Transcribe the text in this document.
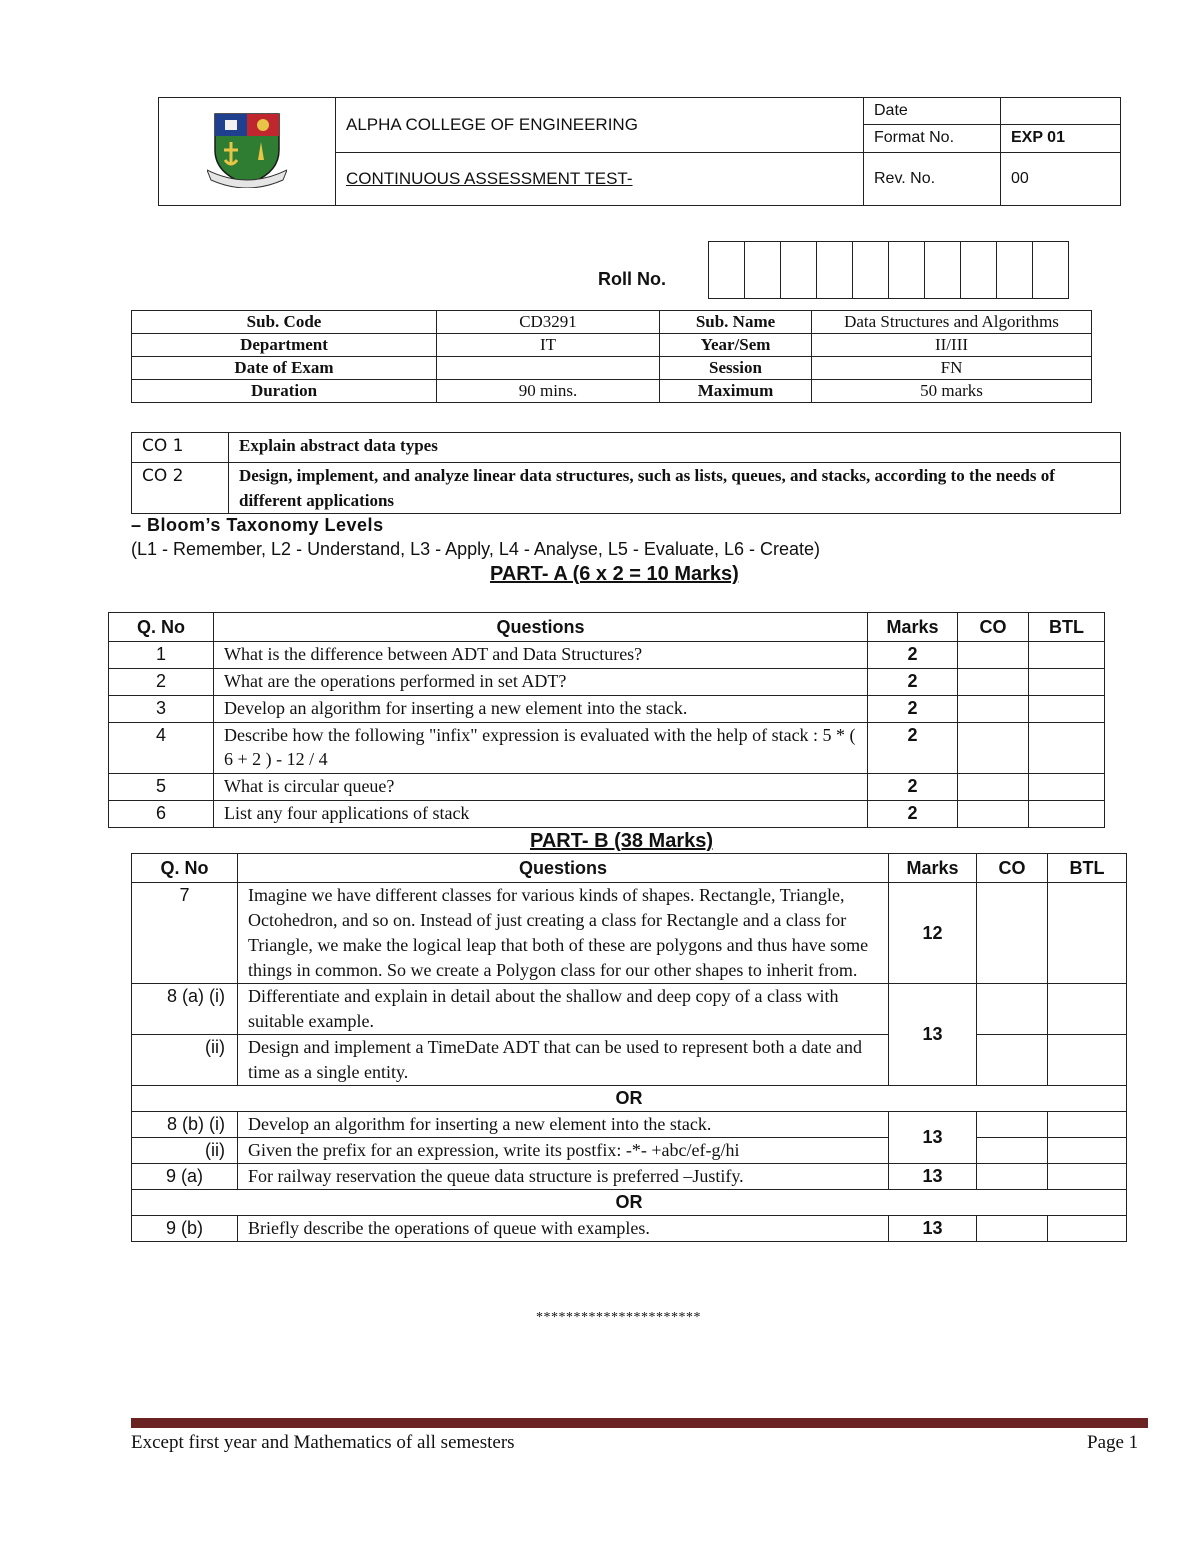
	ALPHA COLLEGE OF ENGINEERING	Date	
		Format No.	EXP 01
	CONTINUOUS ASSESSMENT TEST-	Rev. No.	00
Roll No.

Sub. Code	CD3291	Sub. Name	Data Structures and Algorithms
Department	IT	Year/Sem	II/III
Date of Exam		Session	FN
Duration	90 mins.	Maximum	50 marks
CO 1	Explain abstract data types
CO 2	Design, implement, and analyze linear data structures, such as lists, queues, and stacks, according to the needs of different applications
– Bloom’s Taxonomy Levels
(L1 - Remember, L2 - Understand, L3 - Apply, L4 - Analyse, L5 - Evaluate, L6 - Create)
PART- A (6 x 2 = 10 Marks)
Q. No	Questions	Marks	CO	BTL
1	What is the difference between ADT and Data Structures?	2		
2	What are the operations performed in set ADT?	2		
3	Develop an algorithm for inserting a new element into the stack.	2		
4	Describe how the following "infix" expression is evaluated with the help of stack : 5 * ( 6 + 2 ) - 12 / 4	2		
5	What is circular queue?	2		
6	List any four applications of stack	2		
PART- B (38 Marks)
Q. No	Questions	Marks	CO	BTL
7	Imagine we have different classes for various kinds of shapes. Rectangle, Triangle, Octohedron, and so on. Instead of just creating a class for Rectangle and a class for Triangle, we make the logical leap that both of these are polygons and thus have some things in common. So we create a Polygon class for our other shapes to inherit from.	12		
8 (a) (i)	Differentiate and explain in detail about the shallow and deep copy of a class with suitable example.	13		
(ii)	Design and implement a TimeDate ADT that can be used to represent both a date and time as a single entity.			
OR				
8 (b) (i)	Develop an algorithm for inserting a new element into the stack.	13		
(ii)	Given the prefix for an expression, write its postfix: -*- +abc/ef-g/hi			
9 (a)	For railway reservation the queue data structure is preferred –Justify.	13		
OR				
9 (b)	Briefly describe the operations of queue with examples.	13		
**********************
Except first year and Mathematics of all semesters	Page 1
